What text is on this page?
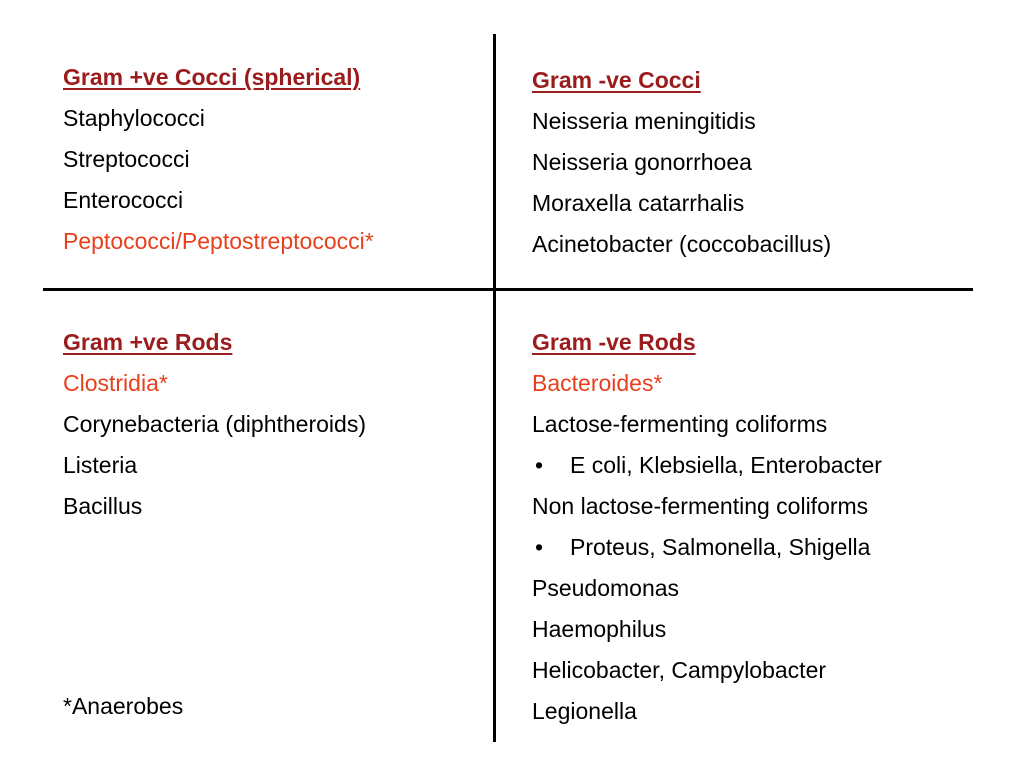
Gram +ve Cocci (spherical)
Staphylococci
Streptococci
Enterococci
Peptococci/Peptostreptococci*
Gram -ve Cocci
Neisseria meningitidis
Neisseria gonorrhoea
Moraxella catarrhalis
Acinetobacter (coccobacillus)
Gram +ve Rods
Clostridia*
Corynebacteria (diphtheroids)
Listeria
Bacillus
Gram -ve Rods
Bacteroides*
Lactose-fermenting coliforms
•	E coli, Klebsiella, Enterobacter
Non lactose-fermenting coliforms
•	Proteus, Salmonella, Shigella
Pseudomonas
Haemophilus
Helicobacter, Campylobacter
Legionella
*Anaerobes
